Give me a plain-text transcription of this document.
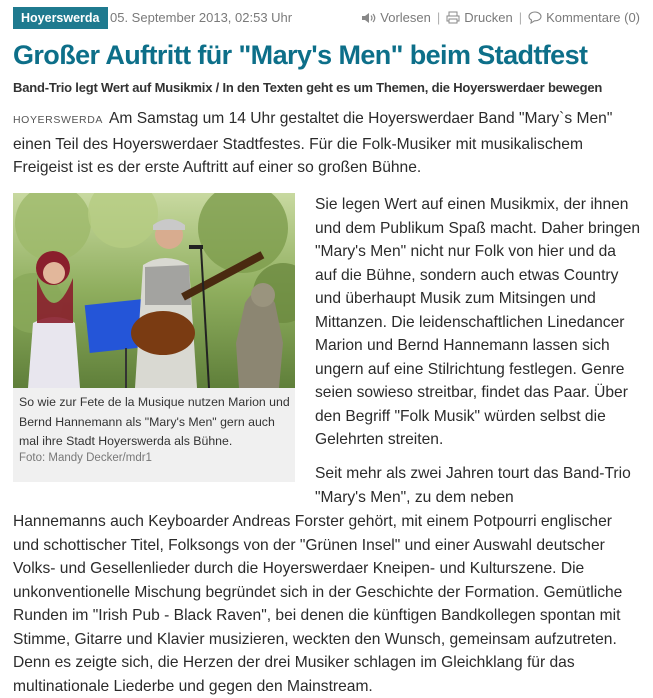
Hoyerswerda 05. September 2013, 02:53 Uhr	Vorlesen | Drucken | Kommentare (0)
Großer Auftritt für "Mary's Men" beim Stadtfest

Band-Trio legt Wert auf Musikmix / In den Texten geht es um Themen, die Hoyerswerdaer bewegen

HOYERSWERDA Am Samstag um 14 Uhr gestaltet die Hoyerswerdaer Band "Mary`s Men" einen Teil des Hoyerswerdaer Stadtfestes. Für die Folk-Musiker mit musikalischem Freigeist ist es der erste Auftritt auf einer so großen Bühne.

So wie zur Fete de la Musique nutzen Marion und Bernd Hannemann als "Mary's Men" gern auch mal ihre Stadt Hoyerswerda als Bühne.

Foto: Mandy Decker/mdr1

Sie legen Wert auf einen Musikmix, der ihnen und dem Publikum Spaß macht. Daher bringen "Mary's Men" nicht nur Folk von hier und da auf die Bühne, sondern auch etwas Country und überhaupt Musik zum Mitsingen und Mittanzen. Die leidenschaftlichen Linedancer Marion und Bernd Hannemann lassen sich ungern auf eine Stilrichtung festlegen. Genre seien sowieso streitbar, findet das Paar. Über den Begriff "Folk Musik" würden selbst die Gelehrten streiten.

Seit mehr als zwei Jahren tourt das Band-Trio "Mary's Men", zu dem neben

Hannemanns auch Keyboarder Andreas Forster gehört, mit einem Potpourri englischer und schottischer Titel, Folksongs von der "Grünen Insel" und einer Auswahl deutscher Volks- und Gesellenlieder durch die Hoyerswerdaer Kneipen- und Kulturszene. Die unkonventionelle Mischung begründet sich in der Geschichte der Formation. Gemütliche Runden im "Irish Pub - Black Raven", bei denen die künftigen Bandkollegen spontan mit Stimme, Gitarre und Klavier musizieren, weckten den Wunsch, gemeinsam aufzutreten. Denn es zeigte sich, die Herzen der drei Musiker schlagen im Gleichklang für das multinationale Liederbe und gegen den Mainstream.
